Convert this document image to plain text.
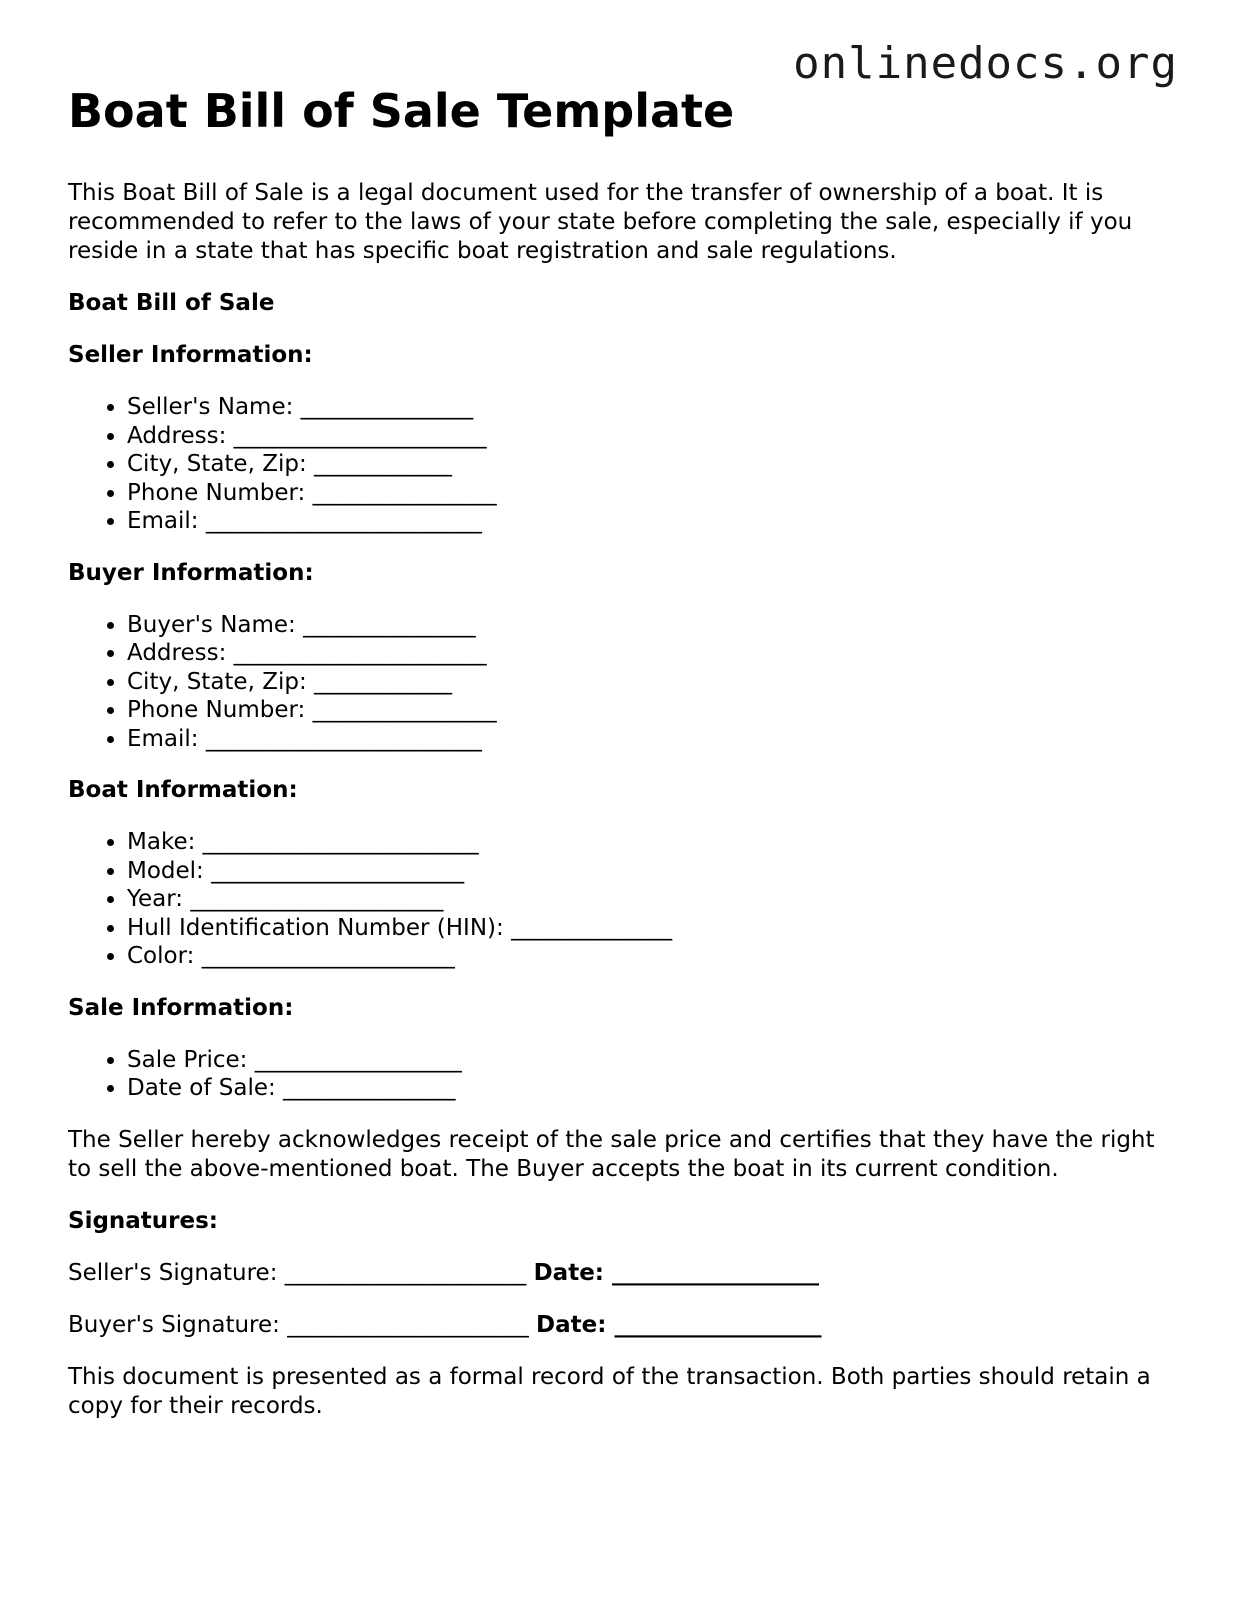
onlinedocs.org
Boat Bill of Sale Template

This Boat Bill of Sale is a legal document used for the transfer of ownership of a boat. It is recommended to refer to the laws of your state before completing the sale, especially if you reside in a state that has specific boat registration and sale regulations.

Boat Bill of Sale
Seller Information:
• Seller's Name: _______________
• Address: ______________________
• City, State, Zip: ____________
• Phone Number: ________________
• Email: ________________________
Buyer Information:
• Buyer's Name: _______________
• Address: ______________________
• City, State, Zip: ____________
• Phone Number: ________________
• Email: ________________________
Boat Information:
• Make: ________________________
• Model: ______________________
• Year: ______________________
• Hull Identification Number (HIN): ______________
• Color: ______________________
Sale Information:
• Sale Price: __________________
• Date of Sale: _______________

The Seller hereby acknowledges receipt of the sale price and certifies that they have the right to sell the above-mentioned boat. The Buyer accepts the boat in its current condition.

Signatures:
Seller's Signature: _____________________ Date: __________________
Buyer's Signature: _____________________ Date: __________________

This document is presented as a formal record of the transaction. Both parties should retain a copy for their records.
